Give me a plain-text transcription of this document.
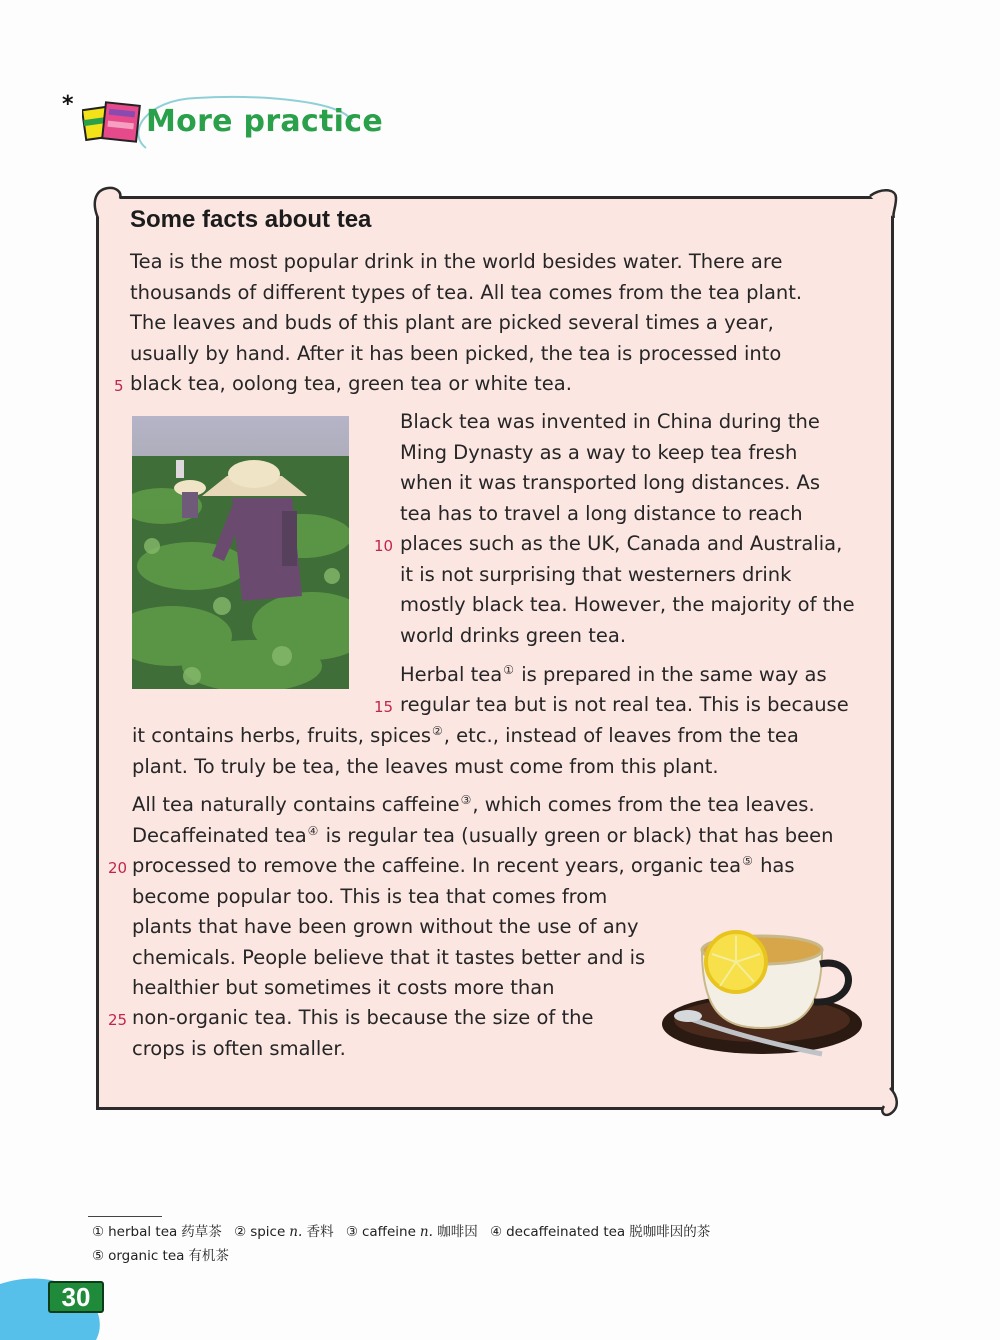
* More practice
Some facts about tea
Tea is the most popular drink in the world besides water. There are
thousands of different types of tea. All tea comes from the tea plant.
The leaves and buds of this plant are picked several times a year,
usually by hand. After it has been picked, the tea is processed into
5 black tea, oolong tea, green tea or white tea.
Black tea was invented in China during the
Ming Dynasty as a way to keep tea fresh
when it was transported long distances. As
tea has to travel a long distance to reach
10 places such as the UK, Canada and Australia,
it is not surprising that westerners drink
mostly black tea. However, the majority of the
world drinks green tea.
Herbal tea① is prepared in the same way as
15 regular tea but is not real tea. This is because
it contains herbs, fruits, spices②, etc., instead of leaves from the tea
plant. To truly be tea, the leaves must come from this plant.
All tea naturally contains caffeine③, which comes from the tea leaves.
Decaffeinated tea④ is regular tea (usually green or black) that has been
20 processed to remove the caffeine. In recent years, organic tea⑤ has
become popular too. This is tea that comes from
plants that have been grown without the use of any
chemicals. People believe that it tastes better and is
healthier but sometimes it costs more than
25 non-organic tea. This is because the size of the
crops is often smaller.
① herbal tea 药草茶 ② spice n. 香料 ③ caffeine n. 咖啡因 ④ decaffeinated tea 脱咖啡因的茶
⑤ organic tea 有机茶
30
